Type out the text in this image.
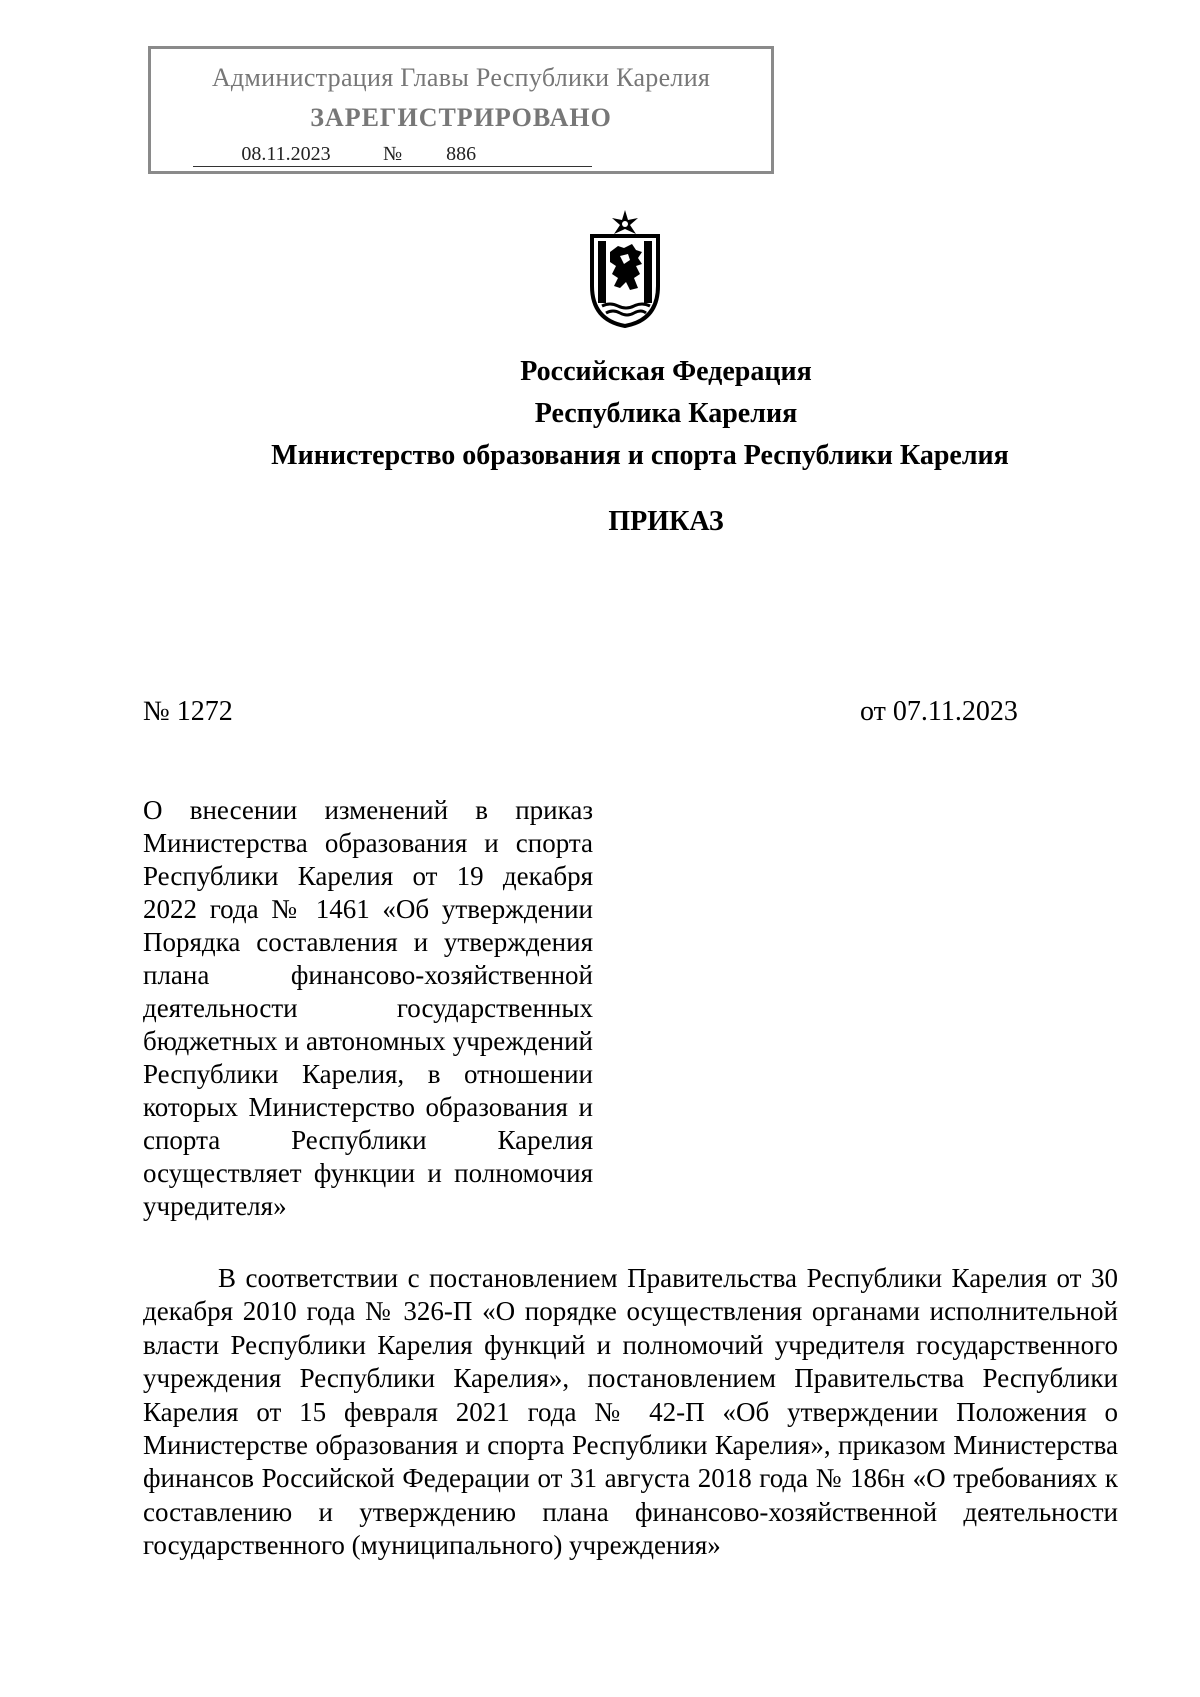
Администрация Главы Республики Карелия
ЗАРЕГИСТРИРОВАНО
08.11.2023	№	886
Российская Федерация
Республика Карелия
Министерство образования и спорта Республики Карелия
ПРИКАЗ
№ 1272	от 07.11.2023
О внесении изменений в приказ Министерства образования и спорта Республики Карелия от 19 декабря 2022 года № 1461 «Об утверждении Порядка составления и утверждения плана финансово-хозяйственной деятельности государственных бюджетных и автономных учреждений Республики Карелия, в отношении которых Министерство образования и спорта Республики Карелия осуществляет функции и полномочия учредителя»
В соответствии с постановлением Правительства Республики Карелия от 30 декабря 2010 года № 326-П «О порядке осуществления органами исполнительной власти Республики Карелия функций и полномочий учредителя государственного учреждения Республики Карелия», постановлением Правительства Республики Карелия от 15 февраля 2021 года № 42-П «Об утверждении Положения о Министерстве образования и спорта Республики Карелия», приказом Министерства финансов Российской Федерации от 31 августа 2018 года № 186н «О требованиях к составлению и утверждению плана финансово-хозяйственной деятельности государственного (муниципального) учреждения»
